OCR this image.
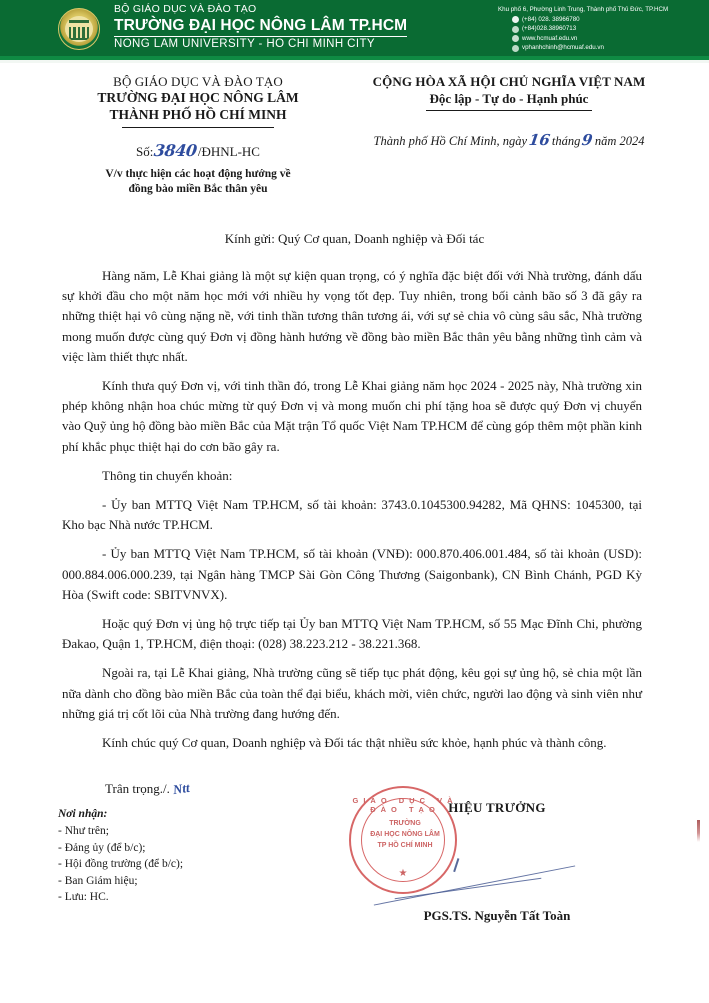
BỘ GIÁO DỤC VÀ ĐÀO TẠO
TRƯỜNG ĐẠI HỌC NÔNG LÂM TP.HCM
NONG LAM UNIVERSITY - HO CHI MINH CITY
Khu phố 6, Phường Linh Trung, Thành phố Thủ Đức, TP.HCM
(+84) 028. 38966780
(+84)028.38960713
www.hcmuaf.edu.vn
vphanhchinh@hcmuaf.edu.vn
BỘ GIÁO DỤC VÀ ĐÀO TẠO
TRƯỜNG ĐẠI HỌC NÔNG LÂM
THÀNH PHỐ HỒ CHÍ MINH
Số: 3840 /ĐHNL-HC
V/v thực hiện các hoạt động hướng về
đồng bào miền Bắc thân yêu
CỘNG HÒA XÃ HỘI CHỦ NGHĨA VIỆT NAM
Độc lập - Tự do - Hạnh phúc
Thành phố Hồ Chí Minh, ngày 16 tháng 9 năm 2024
Kính gửi: Quý Cơ quan, Doanh nghiệp và Đối tác

Hàng năm, Lễ Khai giảng là một sự kiện quan trọng, có ý nghĩa đặc biệt đối với Nhà trường, đánh dấu sự khởi đầu cho một năm học mới với nhiều hy vọng tốt đẹp. Tuy nhiên, trong bối cảnh bão số 3 đã gây ra những thiệt hại vô cùng nặng nề, với tinh thần tương thân tương ái, với sự sẻ chia vô cùng sâu sắc, Nhà trường mong muốn được cùng quý Đơn vị đồng hành hướng về đồng bào miền Bắc thân yêu bằng những tình cảm và việc làm thiết thực nhất.

Kính thưa quý Đơn vị, với tinh thần đó, trong Lễ Khai giảng năm học 2024 - 2025 này, Nhà trường xin phép không nhận hoa chúc mừng từ quý Đơn vị và mong muốn chi phí tặng hoa sẽ được quý Đơn vị chuyển vào Quỹ ủng hộ đồng bào miền Bắc của Mặt trận Tổ quốc Việt Nam TP.HCM để cùng góp thêm một phần kinh phí khắc phục thiệt hại do cơn bão gây ra.

Thông tin chuyển khoản:

- Ủy ban MTTQ Việt Nam TP.HCM, số tài khoản: 3743.0.1045300.94282, Mã QHNS: 1045300, tại Kho bạc Nhà nước TP.HCM.

- Ủy ban MTTQ Việt Nam TP.HCM, số tài khoản (VNĐ): 000.870.406.001.484, số tài khoản (USD): 000.884.006.000.239, tại Ngân hàng TMCP Sài Gòn Công Thương (Saigonbank), CN Bình Chánh, PGD Kỳ Hòa (Swift code: SBITVNVX).

Hoặc quý Đơn vị ủng hộ trực tiếp tại Ủy ban MTTQ Việt Nam TP.HCM, số 55 Mạc Đĩnh Chi, phường Đakao, Quận 1, TP.HCM, điện thoại: (028) 38.223.212 - 38.221.368.

Ngoài ra, tại Lễ Khai giảng, Nhà trường cũng sẽ tiếp tục phát động, kêu gọi sự ủng hộ, sẻ chia một lần nữa dành cho đồng bào miền Bắc của toàn thể đại biểu, khách mời, viên chức, người lao động và sinh viên như những giá trị cốt lõi của Nhà trường đang hướng đến.

Kính chúc quý Cơ quan, Doanh nghiệp và Đối tác thật nhiều sức khỏe, hạnh phúc và thành công.

Trân trọng./. Ntt
Nơi nhận:
- Như trên;
- Đảng ủy (để b/c);
- Hội đồng trường (để b/c);
- Ban Giám hiệu;
- Lưu: HC.
GIÁO DỤC VÀ ĐÀO TẠO
TRƯỜNG
ĐẠI HỌC NÔNG LÂM
TP HỒ CHÍ MINH
★
HIỆU TRƯỞNG
PGS.TS. Nguyễn Tất Toàn
